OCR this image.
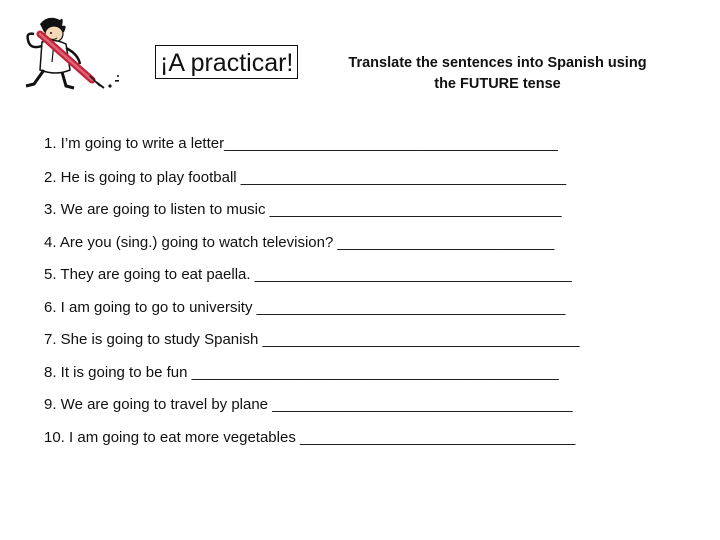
¡A practicar!	Translate the sentences into Spanish using
the FUTURE tense
1. I’m going to write a letter________________________________________
2. He is going to play football _______________________________________
3. We are going to listen to music ___________________________________
4. Are you (sing.) going to watch television? __________________________
5. They are going to eat paella. ______________________________________
6. I am going to go to university _____________________________________
7. She is going to study Spanish ______________________________________
8. It is going to be fun ____________________________________________
9. We are going to travel by plane ____________________________________
10. I am going to eat more vegetables _________________________________
